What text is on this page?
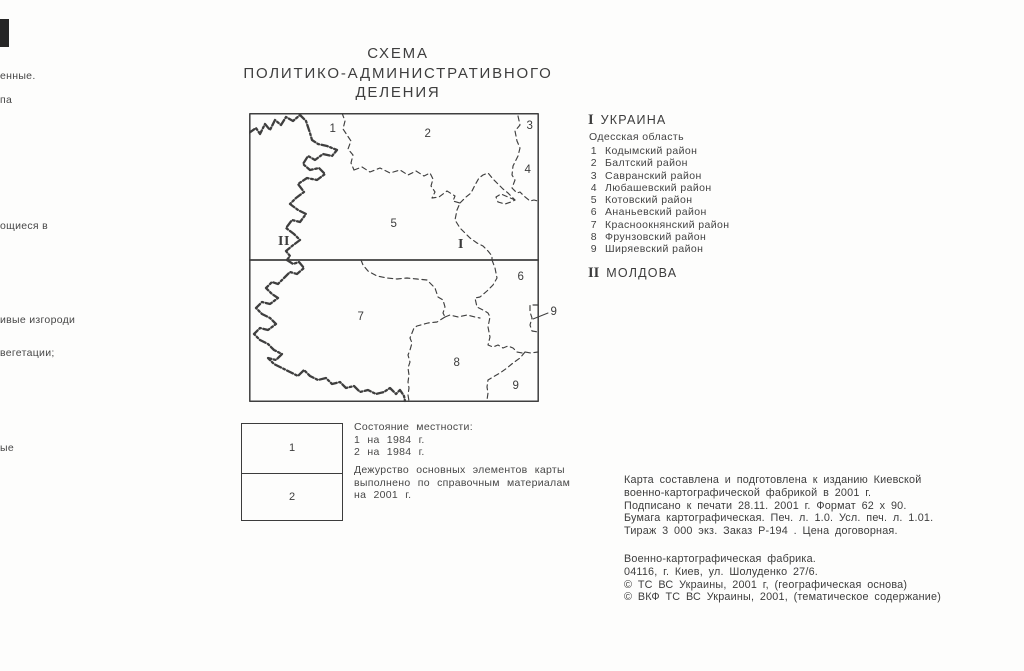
енные.
па
ощиеся в
ивые изгороди
вегетации;
ые
СХЕМА
ПОЛИТИКО-АДМИНИСТРАТИВНОГО
ДЕЛЕНИЯ
1	2
3
4
5
II	I
6
7
8
9
9
I УКРАИНА
Одесская область
1 Кодымский район
2 Балтский район
3 Савранский район
4 Любашевский район
5 Котовский район
6 Ананьевский район
7 Красноокнянский район
8 Фрунзовский район
9 Ширяевский район
II МОЛДОВА
1
2
Состояние местности:
1 на 1984 г.
2 на 1984 г.
Дежурство основных элементов карты
выполнено по справочным материалам
на 2001 г.
Карта составлена и подготовлена к изданию Киевской
военно-картографической фабрикой в 2001 г.
Подписано к печати 28.11. 2001 г. Формат 62 х 90.
Бумага картографическая. Печ. л. 1.0. Усл. печ. л. 1.01.
Тираж 3 000 экз. Заказ Р-194 . Цена договорная.
Военно-картографическая фабрика.
04116, г. Киев, ул. Шолуденко 27/6.
© ТС ВС Украины, 2001 г, (географическая основа)
© ВКФ ТС ВС Украины, 2001, (тематическое содержание)
